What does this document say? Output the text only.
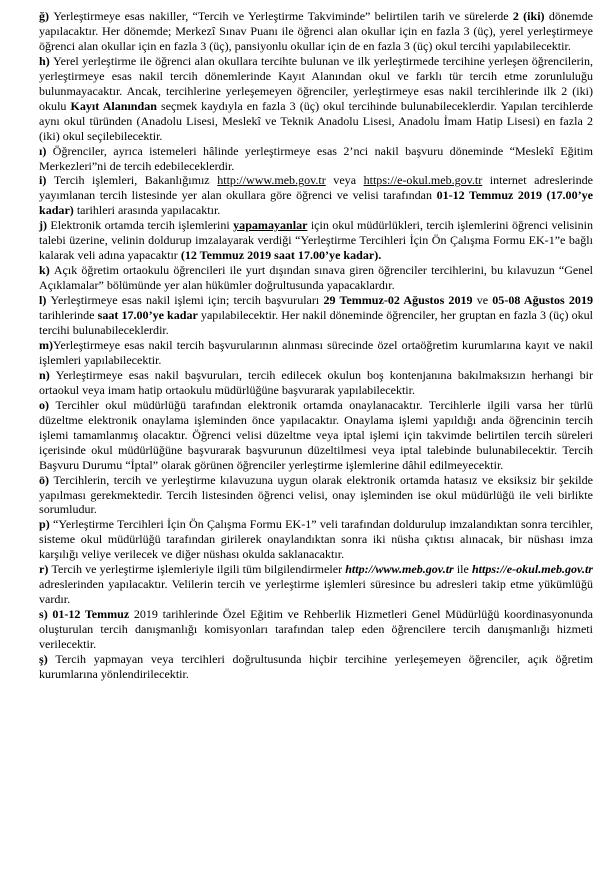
ğ) Yerleştirmeye esas nakiller, “Tercih ve Yerleştirme Takviminde” belirtilen tarih ve sürelerde 2 (iki) dönemde yapılacaktır. Her dönemde; Merkezî Sınav Puanı ile öğrenci alan okullar için en fazla 3 (üç), yerel yerleştirmeye öğrenci alan okullar için en fazla 3 (üç), pansiyonlu okullar için de en fazla 3 (üç) okul tercihi yapılabilecektir.

h) Yerel yerleştirme ile öğrenci alan okullara tercihte bulunan ve ilk yerleştirmede tercihine yerleşen öğrencilerin, yerleştirmeye esas nakil tercih dönemlerinde Kayıt Alanından okul ve farklı tür tercih etme zorunluluğu bulunmayacaktır. Ancak, tercihlerine yerleşemeyen öğrenciler, yerleştirmeye esas nakil tercihlerinde ilk 2 (iki) okulu Kayıt Alanından seçmek kaydıyla en fazla 3 (üç) okul tercihinde bulunabileceklerdir. Yapılan tercihlerde aynı okul türünden (Anadolu Lisesi, Meslekî ve Teknik Anadolu Lisesi, Anadolu İmam Hatip Lisesi) en fazla 2 (iki) okul seçilebilecektir.

ı) Öğrenciler, ayrıca istemeleri hâlinde yerleştirmeye esas 2’nci nakil başvuru döneminde “Meslekî Eğitim Merkezleri”ni de tercih edebileceklerdir.

i) Tercih işlemleri, Bakanlığımız http://www.meb.gov.tr veya https://e-okul.meb.gov.tr internet adreslerinde yayımlanan tercih listesinde yer alan okullara göre öğrenci ve velisi tarafından 01-12 Temmuz 2019 (17.00’ye kadar) tarihleri arasında yapılacaktır.

j) Elektronik ortamda tercih işlemlerini yapamayanlar için okul müdürlükleri, tercih işlemlerini öğrenci velisinin talebi üzerine, velinin doldurup imzalayarak verdiği “Yerleştirme Tercihleri İçin Ön Çalışma Formu EK-1”e bağlı kalarak veli adına yapacaktır (12 Temmuz 2019 saat 17.00’ye kadar).

k) Açık öğretim ortaokulu öğrencileri ile yurt dışından sınava giren öğrenciler tercihlerini, bu kılavuzun “Genel Açıklamalar” bölümünde yer alan hükümler doğrultusunda yapacaklardır.

l) Yerleştirmeye esas nakil işlemi için; tercih başvuruları 29 Temmuz-02 Ağustos 2019 ve 05-08 Ağustos 2019 tarihlerinde saat 17.00’ye kadar yapılabilecektir. Her nakil döneminde öğrenciler, her gruptan en fazla 3 (üç) okul tercihi bulunabileceklerdir.

m)Yerleştirmeye esas nakil tercih başvurularının alınması sürecinde özel ortaöğretim kurumlarına kayıt ve nakil işlemleri yapılabilecektir.

n) Yerleştirmeye esas nakil başvuruları, tercih edilecek okulun boş kontenjanına bakılmaksızın herhangi bir ortaokul veya imam hatip ortaokulu müdürlüğüne başvurarak yapılabilecektir.

o) Tercihler okul müdürlüğü tarafından elektronik ortamda onaylanacaktır. Tercihlerle ilgili varsa her türlü düzeltme elektronik onaylama işleminden önce yapılacaktır. Onaylama işlemi yapıldığı anda öğrencinin tercih işlemi tamamlanmış olacaktır. Öğrenci velisi düzeltme veya iptal işlemi için takvimde belirtilen tercih süreleri içerisinde okul müdürlüğüne başvurarak başvurunun düzeltilmesi veya iptal talebinde bulunabilecektir. Tercih Başvuru Durumu “İptal” olarak görünen öğrenciler yerleştirme işlemlerine dâhil edilmeyecektir.

ö) Tercihlerin, tercih ve yerleştirme kılavuzuna uygun olarak elektronik ortamda hatasız ve eksiksiz bir şekilde yapılması gerekmektedir. Tercih listesinden öğrenci velisi, onay işleminden ise okul müdürlüğü ile veli birlikte sorumludur.

p) “Yerleştirme Tercihleri İçin Ön Çalışma Formu EK-1” veli tarafından doldurulup imzalandıktan sonra tercihler, sisteme okul müdürlüğü tarafından girilerek onaylandıktan sonra iki nüsha çıktısı alınacak, bir nüshası imza karşılığı veliye verilecek ve diğer nüshası okulda saklanacaktır.

r) Tercih ve yerleştirme işlemleriyle ilgili tüm bilgilendirmeler http://www.meb.gov.tr ile https://e-okul.meb.gov.tr adreslerinden yapılacaktır. Velilerin tercih ve yerleştirme işlemleri süresince bu adresleri takip etme yükümlüğü vardır.

s) 01-12 Temmuz 2019 tarihlerinde Özel Eğitim ve Rehberlik Hizmetleri Genel Müdürlüğü koordinasyonunda oluşturulan tercih danışmanlığı komisyonları tarafından talep eden öğrencilere tercih danışmanlığı hizmeti verilecektir.

ş) Tercih yapmayan veya tercihleri doğrultusunda hiçbir tercihine yerleşemeyen öğrenciler, açık öğretim kurumlarına yönlendirilecektir.
